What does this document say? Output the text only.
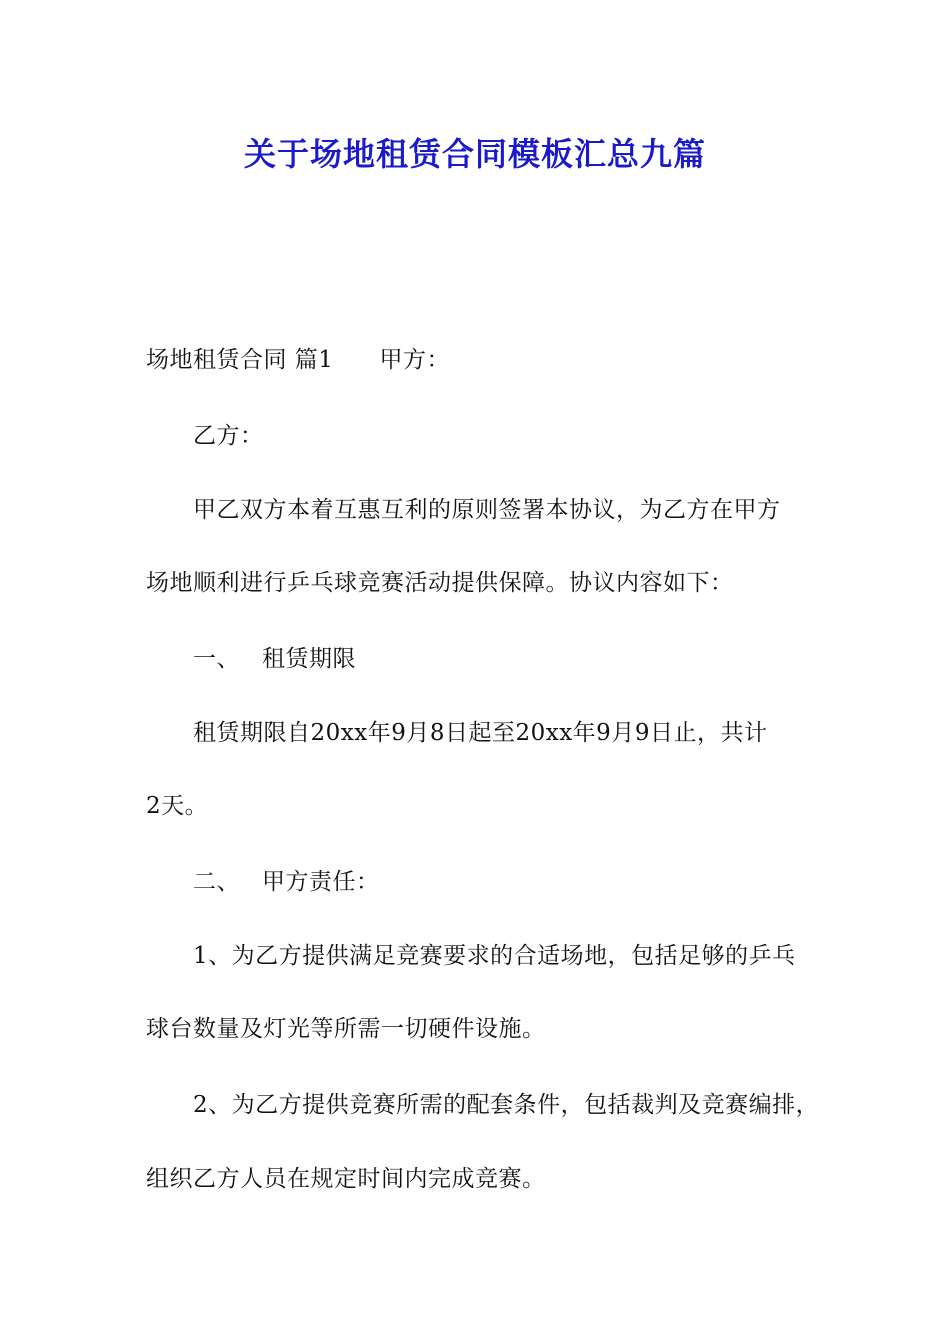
关于场地租赁合同模板汇总九篇
场地租赁合同 篇1 甲方：
乙方：
甲乙双方本着互惠互利的原则签署本协议，为乙方在甲方
场地顺利进行乒乓球竞赛活动提供保障。协议内容如下：
一、 租赁期限
租赁期限自20xx年9月8日起至20xx年9月9日止，共计
2天。
二、 甲方责任：
1、为乙方提供满足竞赛要求的合适场地，包括足够的乒乓
球台数量及灯光等所需一切硬件设施。
2、为乙方提供竞赛所需的配套条件，包括裁判及竞赛编排，
组织乙方人员在规定时间内完成竞赛。
